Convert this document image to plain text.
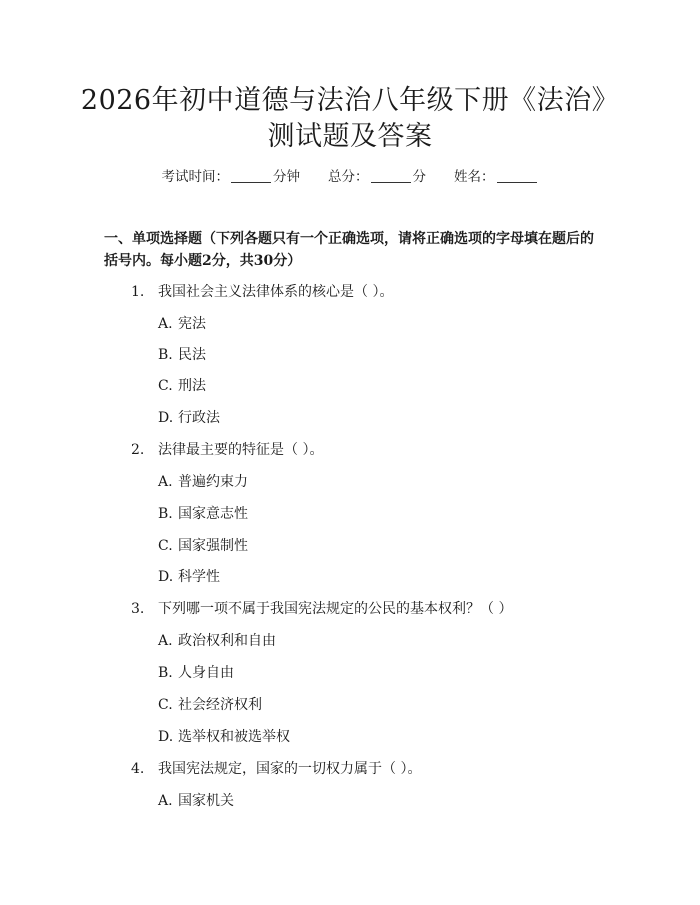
2026年初中道德与法治八年级下册《法治》
测试题及答案
考试时间：	分钟 总分：	分 姓名：
一、单项选择题（下列各题只有一个正确选项，请将正确选项的字母填在题后的括号内。每小题2分，共30分）
1. 我国社会主义法律体系的核心是（ ）。
A. 宪法
B. 民法
C. 刑法
D. 行政法
2. 法律最主要的特征是（ ）。
A. 普遍约束力
B. 国家意志性
C. 国家强制性
D. 科学性
3. 下列哪一项不属于我国宪法规定的公民的基本权利？（ ）
A. 政治权利和自由
B. 人身自由
C. 社会经济权利
D. 选举权和被选举权
4. 我国宪法规定，国家的一切权力属于（ ）。
A. 国家机关
